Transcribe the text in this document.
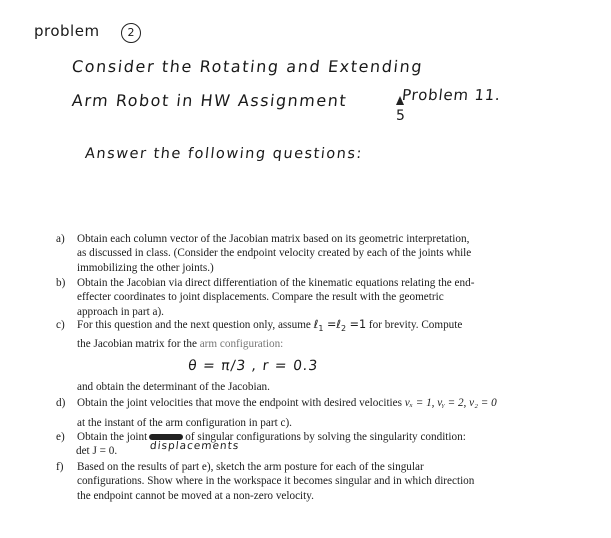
problem	2
Consider the Rotating and Extending
Arm Robot in HW Assignment	Problem 11.
5
Answer the following questions:
a) Obtain each column vector of the Jacobian matrix based on its geometric interpretation,
as discussed in class. (Consider the endpoint velocity created by each of the joints while
immobilizing the other joints.)
b) Obtain the Jacobian via direct differentiation of the kinematic equations relating the end-
effecter coordinates to joint displacements. Compare the result with the geometric
approach in part a).
c) For this question and the next question only, assume ℓ$_1$ =ℓ$_2$ =1 for brevity. Compute
the Jacobian matrix for the arm configuration:
and obtain the determinant of the Jacobian.
θ = π/3 , r = 0.3
d) Obtain the joint velocities that move the endpoint with desired velocities vₓ = 1, vᵧ = 2, v₂ = 0
at the instant of the arm configuration in part c).
e) Obtain the joint	of singular configurations by solving the singularity condition:
det J = 0.	displacements
f) Based on the results of part e), sketch the arm posture for each of the singular
configurations. Show where in the workspace it becomes singular and in which direction
the endpoint cannot be moved at a non-zero velocity.
